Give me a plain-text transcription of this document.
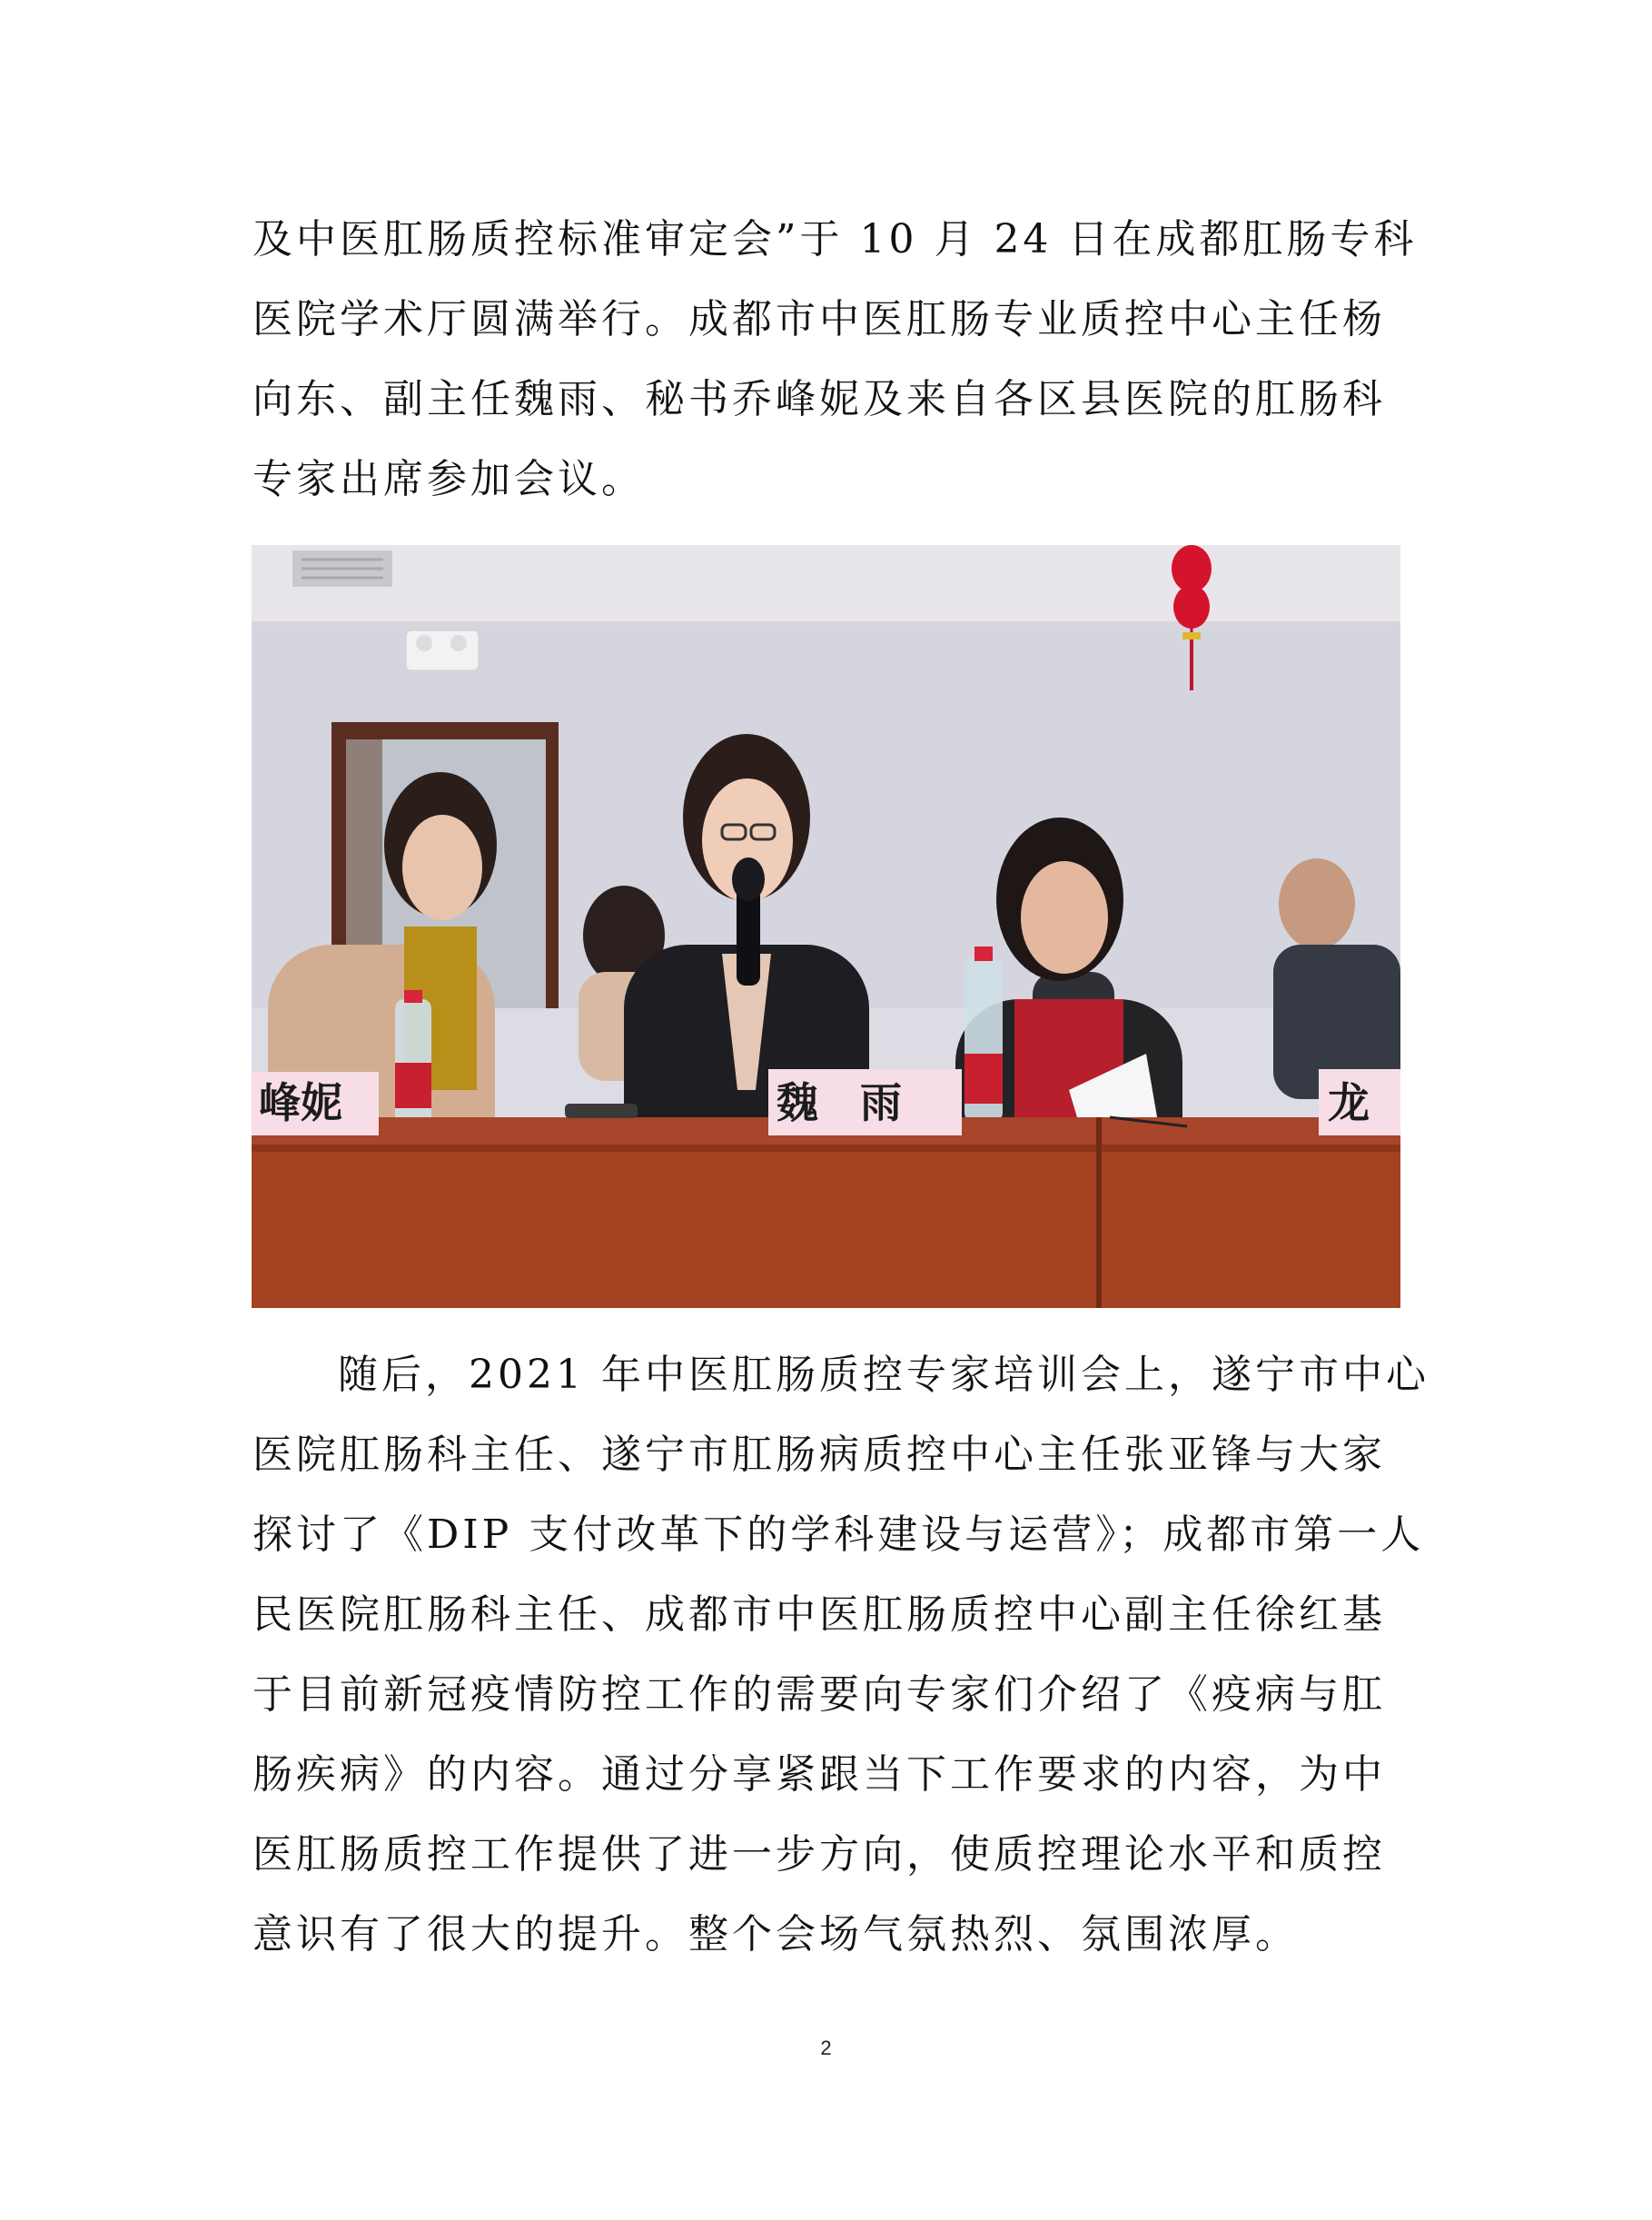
及中医肛肠质控标准审定会”于 10 月 24 日在成都肛肠专科
医院学术厅圆满举行。成都市中医肛肠专业质控中心主任杨
向东、副主任魏雨、秘书乔峰妮及来自各区县医院的肛肠科
专家出席参加会议。

峰妮	魏　雨	龙

随后，2021 年中医肛肠质控专家培训会上，遂宁市中心
医院肛肠科主任、遂宁市肛肠病质控中心主任张亚锋与大家
探讨了《DIP 支付改革下的学科建设与运营》；成都市第一人
民医院肛肠科主任、成都市中医肛肠质控中心副主任徐红基
于目前新冠疫情防控工作的需要向专家们介绍了《疫病与肛
肠疾病》的内容。通过分享紧跟当下工作要求的内容，为中
医肛肠质控工作提供了进一步方向，使质控理论水平和质控
意识有了很大的提升。整个会场气氛热烈、氛围浓厚。

2
